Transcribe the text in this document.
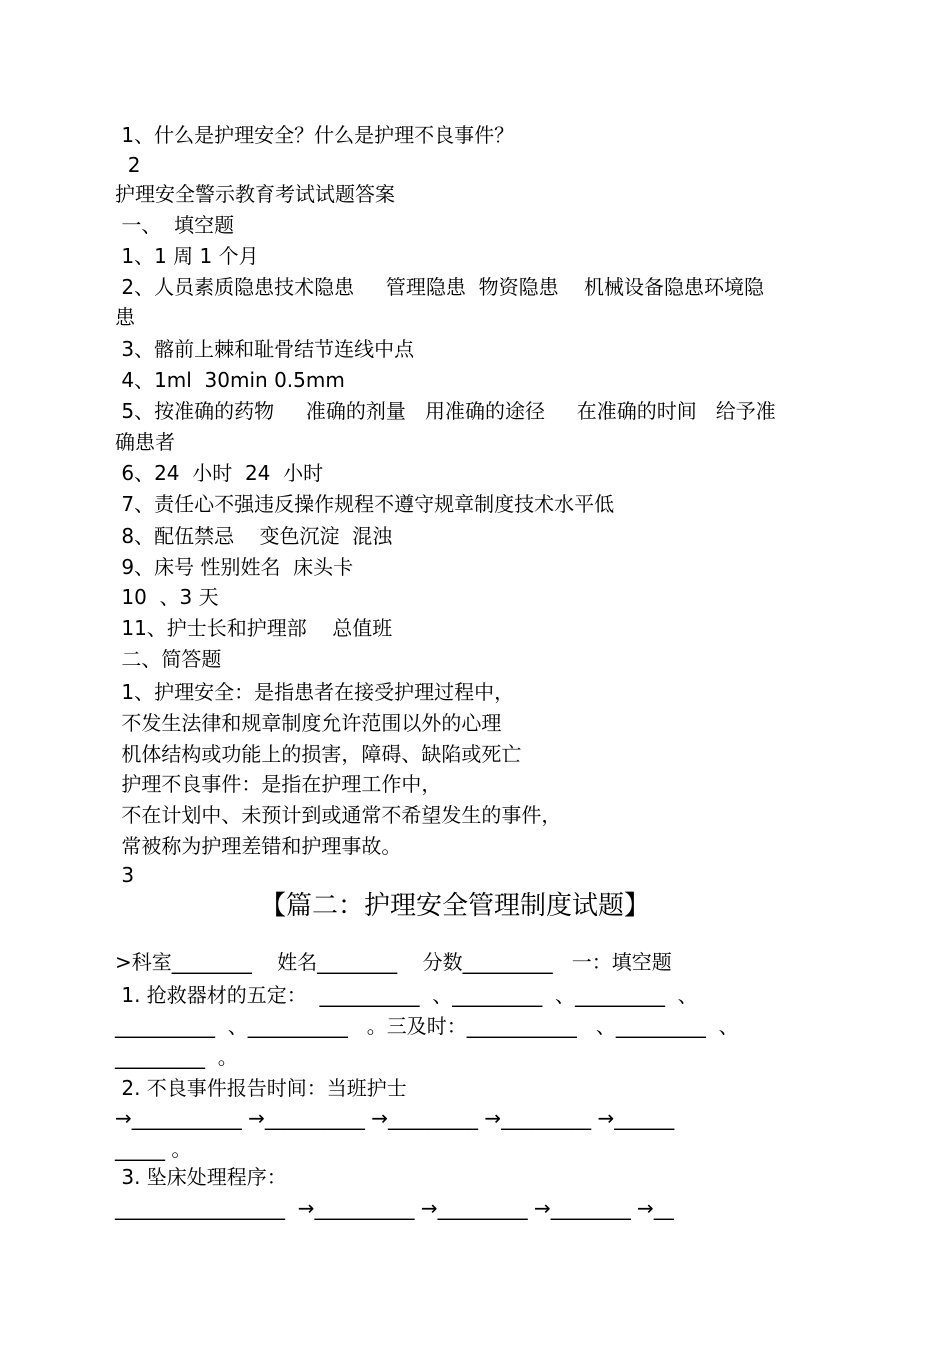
1、什么是护理安全？什么是护理不良事件？
2
护理安全警示教育考试试题答案
一、  填空题
1、1 周 1 个月
2、人员素质隐患技术隐患     管理隐患  物资隐患    机械设备隐患环境隐
患
3、髂前上棘和耻骨结节连线中点
4、1ml  30min 0.5mm
5、按准确的药物     准确的剂量   用准确的途径     在准确的时间   给予准
确患者
6、24  小时  24  小时
7、责任心不强违反操作规程不遵守规章制度技术水平低
8、配伍禁忌    变色沉淀  混浊
9、床号 性别姓名  床头卡
10  、3 天
11、护士长和护理部    总值班
二、简答题
1、护理安全：是指患者在接受护理过程中，
不发生法律和规章制度允许范围以外的心理
机体结构或功能上的损害，障碍、缺陷或死亡
护理不良事件：是指在护理工作中，
不在计划中、未预计到或通常不希望发生的事件，
常被称为护理差错和护理事故。
3
【篇二：护理安全管理制度试题】
>科室________    姓名________    分数_________   一：填空题
1. 抢救器材的五定：  __________  、_________  、_________  、
__________  、__________   。三及时：___________   、_________  、
_________  。
2. 不良事件报告时间：当班护士
→___________ →__________ →_________ →_________ →______
_____ 。
3. 坠床处理程序：
_________________  →__________ →_________ →________ →__
